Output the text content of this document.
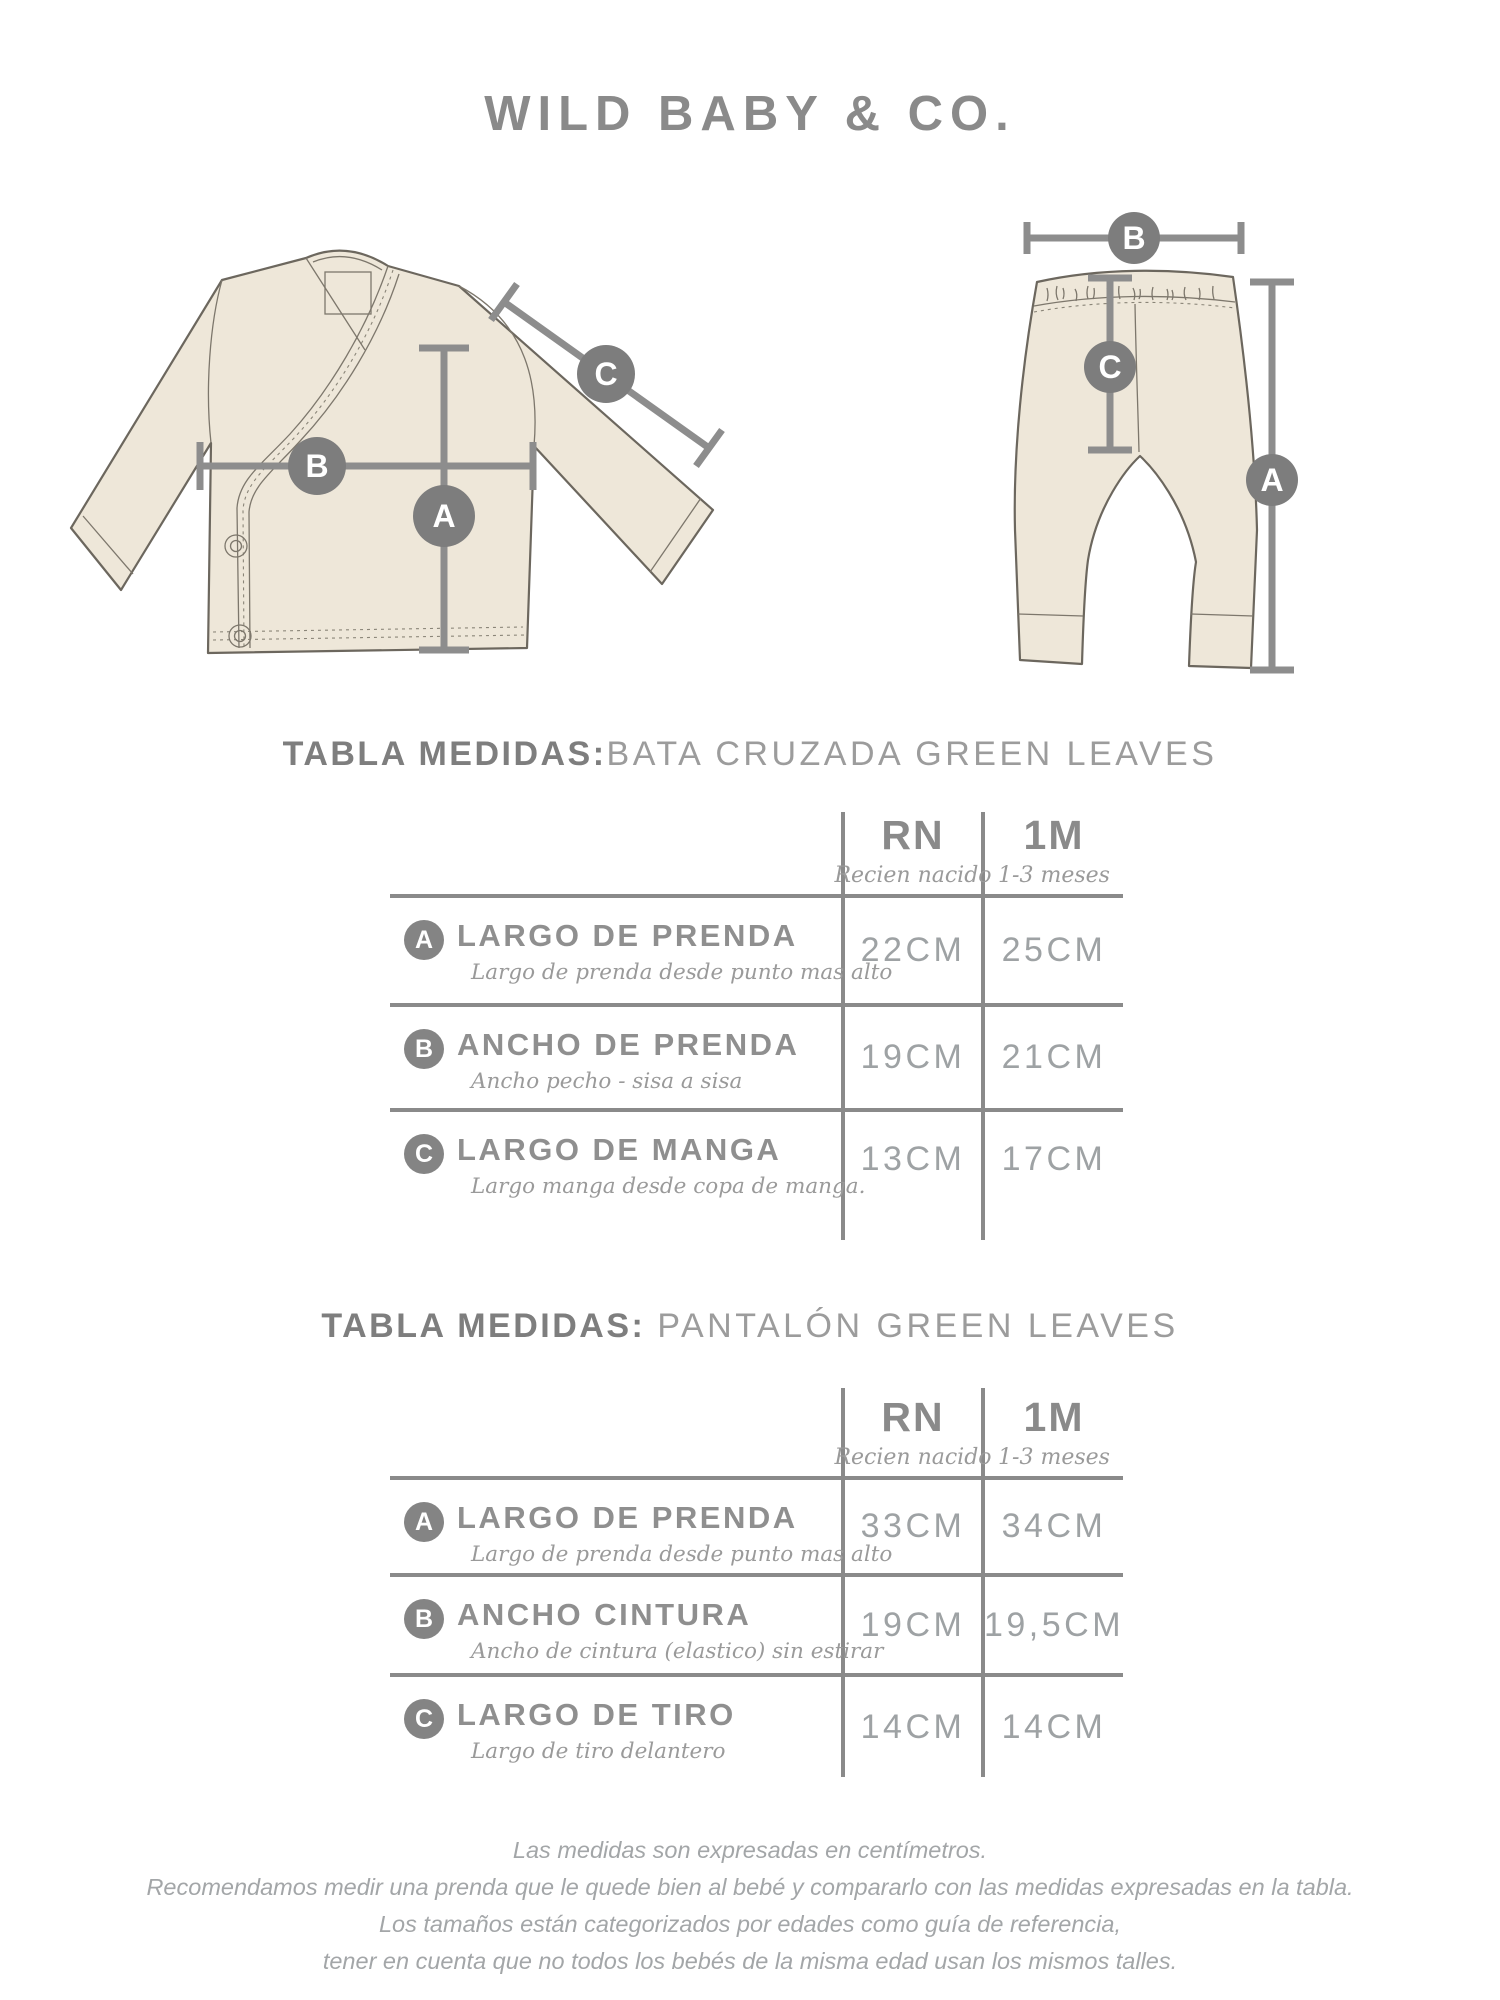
WILD BABY & CO.
A
B
C
B
C
A
TABLA MEDIDAS:BATA CRUZADA GREEN LEAVES
RN
Recien nacido
1M
1-3 meses
A LARGO DE PRENDA
Largo de prenda desde punto mas alto
22CM	25CM
B ANCHO DE PRENDA
Ancho pecho - sisa a sisa
19CM	21CM
C LARGO DE MANGA
Largo manga desde copa de manga.
13CM	17CM
TABLA MEDIDAS: PANTALÓN GREEN LEAVES
RN
Recien nacido
1M
1-3 meses
A LARGO DE PRENDA
Largo de prenda desde punto mas alto
33CM	34CM
B ANCHO CINTURA
Ancho de cintura (elastico) sin estirar
19CM 19,5CM
C LARGO DE TIRO
Largo de tiro delantero
14CM	14CM

Las medidas son expresadas en centímetros.

Recomendamos medir una prenda que le quede bien al bebé y compararlo con las medidas expresadas en la tabla.

Los tamaños están categorizados por edades como guía de referencia,

tener en cuenta que no todos los bebés de la misma edad usan los mismos talles.
